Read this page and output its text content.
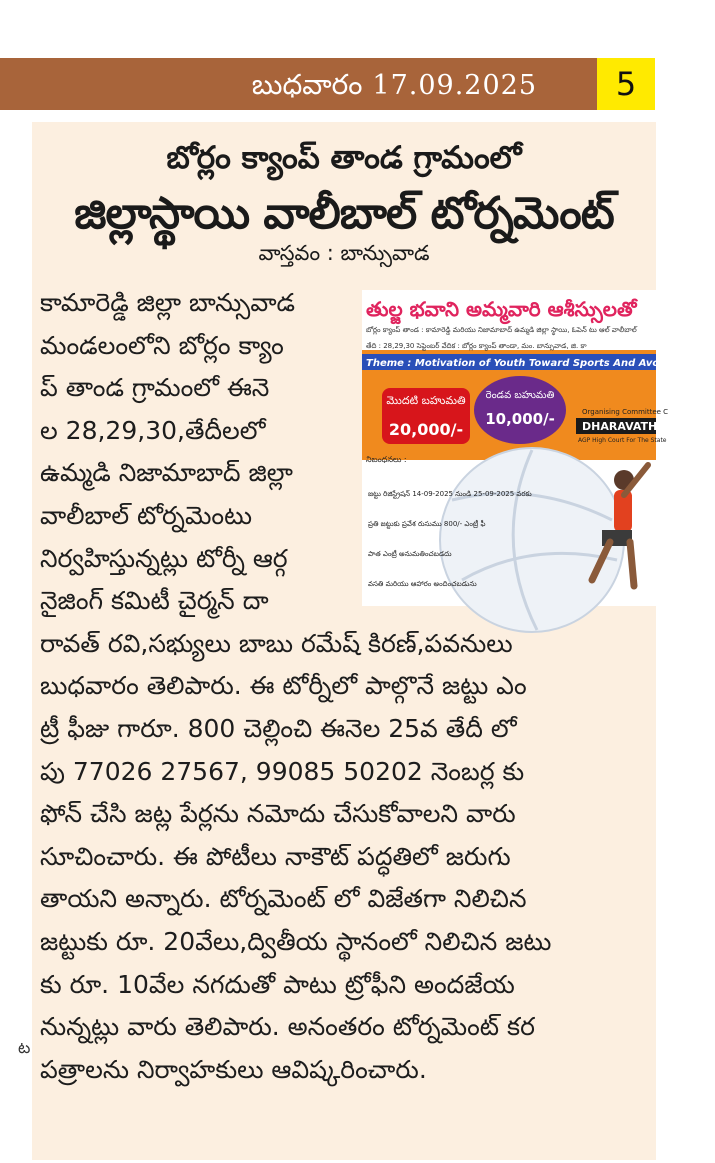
బుధవారం 17.09.2025	5
బోర్లం క్యాంప్ తాండ గ్రామంలో
జిల్లాస్థాయి వాలీబాల్ టోర్నమెంట్
వాస్తవం : బాన్సువాడ
కామారెడ్డి జిల్లా బాన్సువాడ
మండలంలోని బోర్లం క్యాం
ప్ తాండ గ్రామంలో ఈనె
ల 28,29,30,తేదీలలో
ఉమ్మడి నిజామాబాద్ జిల్లా
వాలీబాల్ టోర్నమెంటు
నిర్వహిస్తున్నట్లు టోర్నీ ఆర్గ
నైజింగ్ కమిటీ చైర్మన్ దా
రావత్ రవి,సభ్యులు బాబు రమేష్ కిరణ్,పవనులు
బుధవారం తెలిపారు. ఈ టోర్నీలో పాల్గొనే జట్టు ఎం
ట్రీ ఫీజు గారూ. 800 చెల్లించి ఈనెల 25వ తేదీ లో
పు 77026 27567, 99085 50202 నెంబర్ల కు
ఫోన్ చేసి జట్ల పేర్లను నమోదు చేసుకోవాలని వారు
సూచించారు. ఈ పోటీలు నాకౌట్ పద్ధతిలో జరుగు
తాయని అన్నారు. టోర్నమెంట్ లో విజేతగా నిలిచిన
జట్టుకు రూ. 20వేలు,ద్వితీయ స్థానంలో నిలిచిన జటు
కు రూ. 10వేల నగదుతో పాటు ట్రోఫీని అందజేయ
నున్నట్లు వారు తెలిపారు. అనంతరం టోర్నమెంట్ కర
పత్రాలను నిర్వాహకులు ఆవిష్కరించారు.
తుల్జ భవాని అమ్మవారి ఆశీస్సులతో
బోర్లం క్యాంప్ తాండ : కామారెడ్డి మరియు నిజామాబాద్ ఉమ్మడి జిల్లా స్థాయి, ఓపెన్ టు ఆల్ వాలీబాల్
తేది : 28,29,30 సెప్టెంబర్ వేదిక : బోర్లం క్యాంప్ తాండా, మం. బాన్సువాడ, జి. కా
Theme : Motivation of Youth Toward Sports And Avoid Li
మొదటి బహుమతి
20,000/-
రెండవ బహుమతి
10,000/-	Organising Committee C
DHARAVATH
AGP High Court For The State
నిబంధనలు :
జట్టు రిజిస్ట్రేషన్ 14-09-2025 నుండి 25-09-2025 వరకు
ప్రతి జట్టుకు ప్రవేశ రుసుము 800/- ఎంట్రీ ఫీ
పాత ఎంట్రీ అనుమతించబడదు
వసతి మరియు ఆహారం అందించబడును
ట
